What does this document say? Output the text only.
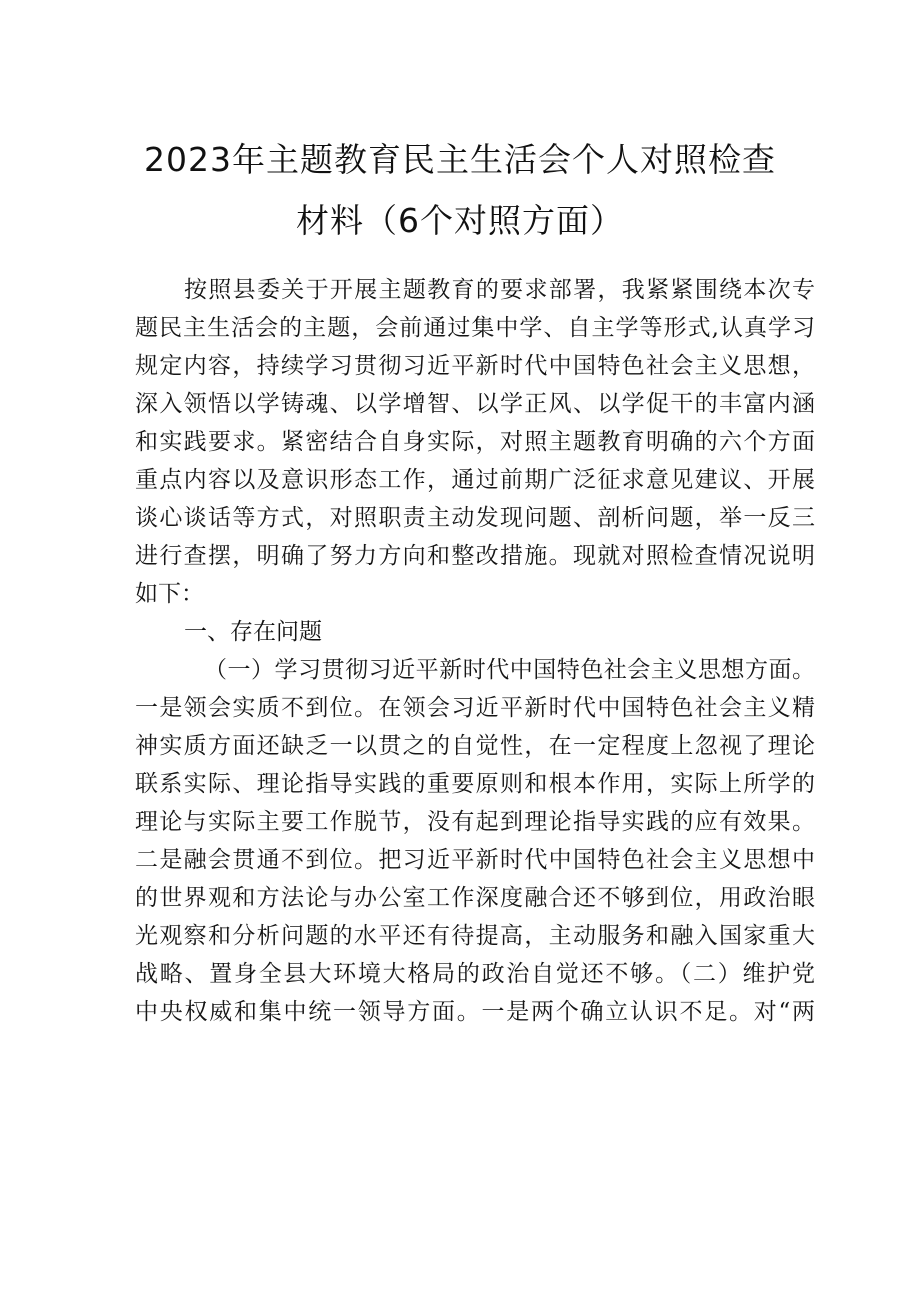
2023年主题教育民主生活会个人对照检查
材料（6个对照方面）
按照县委关于开展主题教育的要求部署，我紧紧围绕本次专
题民主生活会的主题，会前通过集中学、自主学等形式,认真学习
规定内容，持续学习贯彻习近平新时代中国特色社会主义思想，
深入领悟以学铸魂、以学增智、以学正风、以学促干的丰富内涵
和实践要求。紧密结合自身实际，对照主题教育明确的六个方面
重点内容以及意识形态工作，通过前期广泛征求意见建议、开展
谈心谈话等方式，对照职责主动发现问题、剖析问题，举一反三
进行查摆，明确了努力方向和整改措施。现就对照检查情况说明
如下：
一、存在问题
（一）学习贯彻习近平新时代中国特色社会主义思想方面。
一是领会实质不到位。在领会习近平新时代中国特色社会主义精
神实质方面还缺乏一以贯之的自觉性，在一定程度上忽视了理论
联系实际、理论指导实践的重要原则和根本作用，实际上所学的
理论与实际主要工作脱节，没有起到理论指导实践的应有效果。
二是融会贯通不到位。把习近平新时代中国特色社会主义思想中
的世界观和方法论与办公室工作深度融合还不够到位，用政治眼
光观察和分析问题的水平还有待提高，主动服务和融入国家重大
战略、置身全县大环境大格局的政治自觉还不够。（二）维护党
中央权威和集中统一领导方面。一是两个确立认识不足。对“两
